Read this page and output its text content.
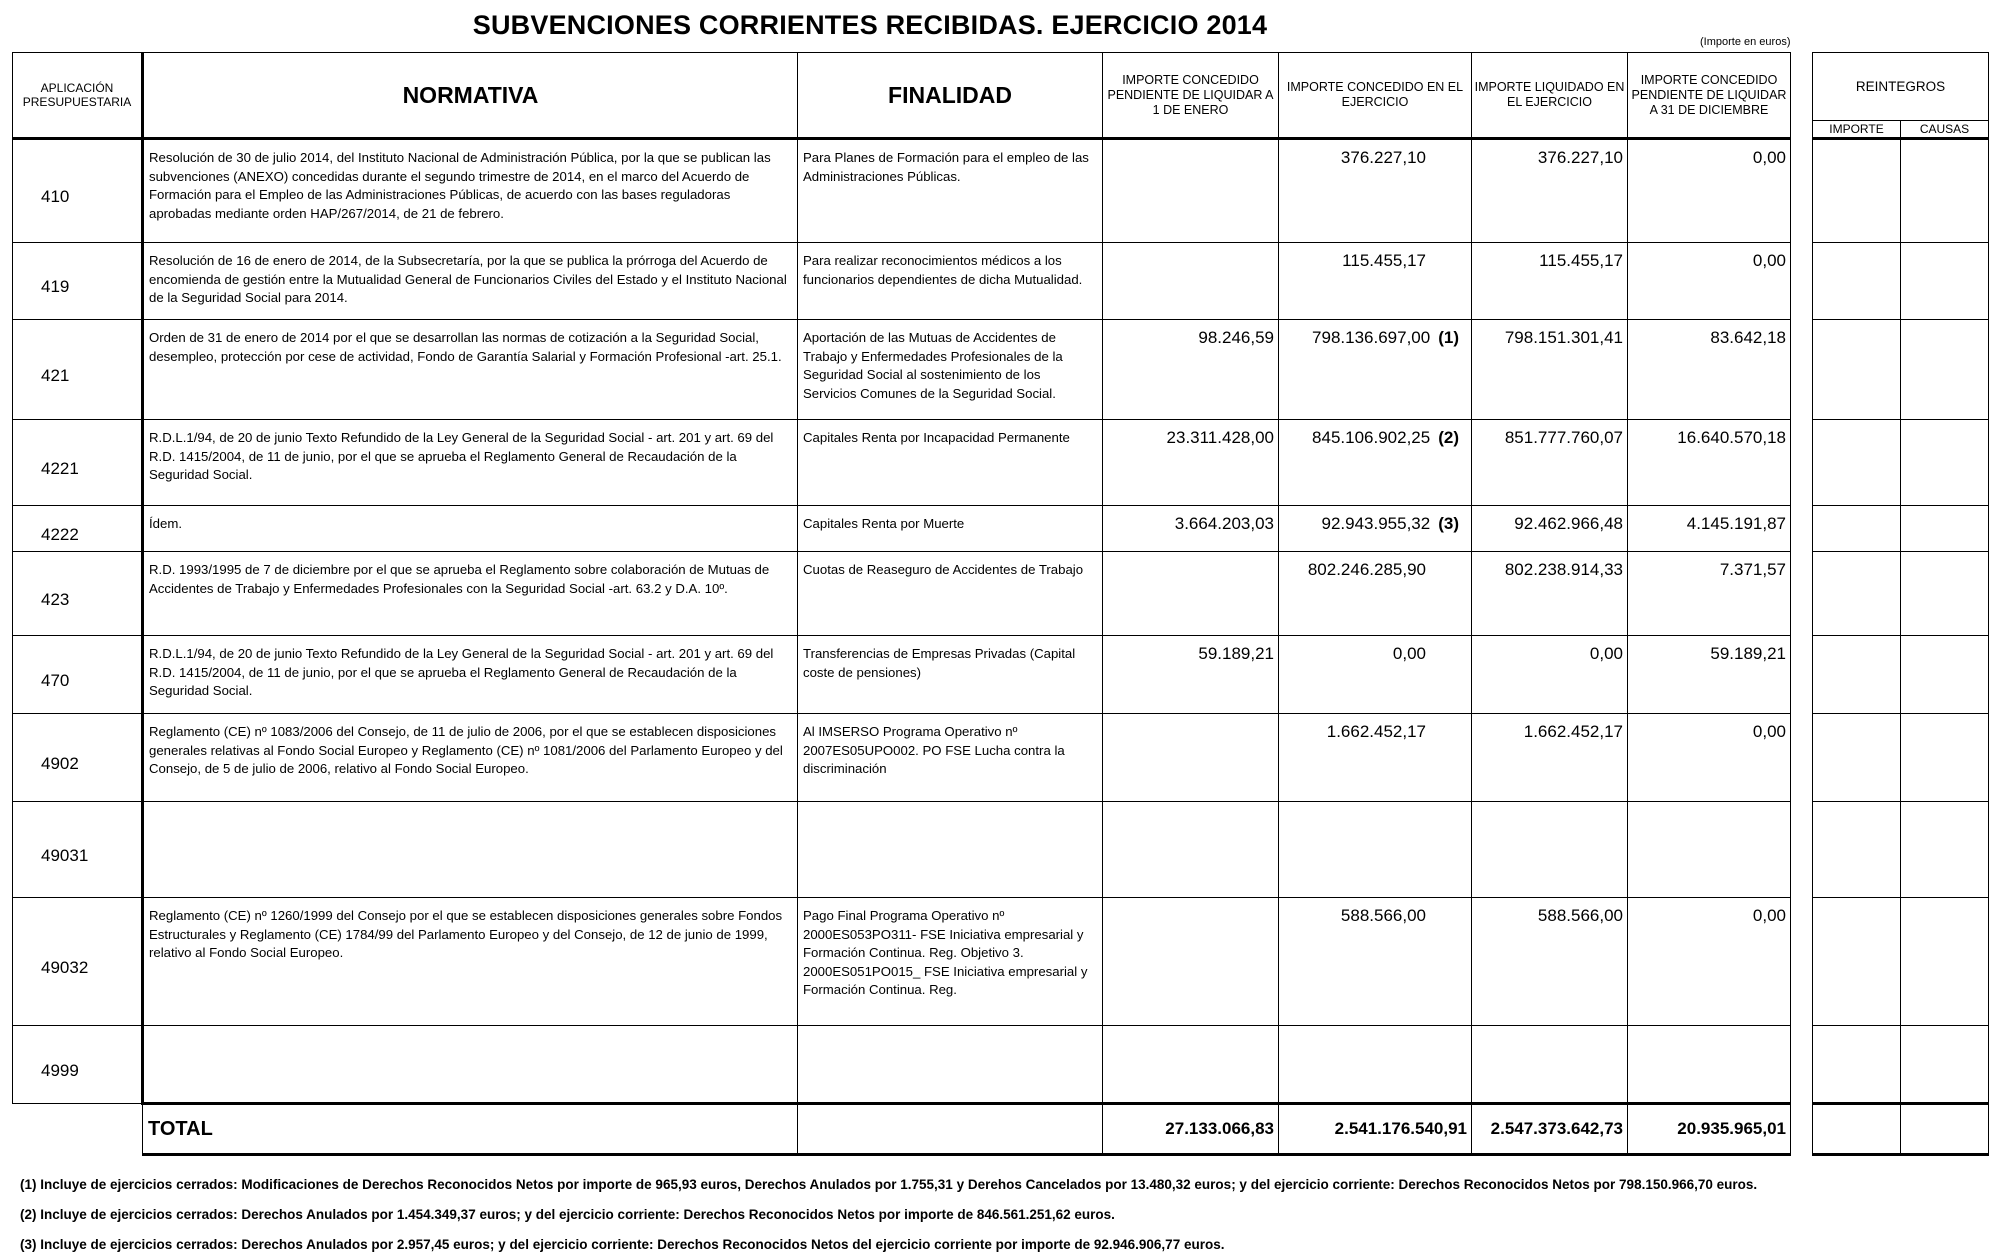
SUBVENCIONES CORRIENTES RECIBIDAS. EJERCICIO 2014
(Importe en euros)
APLICACIÓN PRESUPUESTARIA	NORMATIVA	FINALIDAD	IMPORTE CONCEDIDO PENDIENTE DE LIQUIDAR A 1 DE ENERO	IMPORTE CONCEDIDO EN EL EJERCICIO	IMPORTE LIQUIDADO EN EL EJERCICIO	IMPORTE CONCEDIDO PENDIENTE DE LIQUIDAR A 31 DE DICIEMBRE
410	Resolución de 30 de julio 2014, del Instituto Nacional de Administración Pública, por la que se publican las subvenciones (ANEXO) concedidas durante el segundo trimestre de 2014, en el marco del Acuerdo de Formación para el Empleo de las Administraciones Públicas, de acuerdo con las bases reguladoras aprobadas mediante orden HAP/267/2014, de 21 de febrero.	Para Planes de Formación para el empleo de las Administraciones Públicas.		376.227,10	376.227,10	0,00
419	Resolución de 16 de enero de 2014, de la Subsecretaría, por la que se publica la prórroga del Acuerdo de encomienda de gestión entre la Mutualidad General de Funcionarios Civiles del Estado y el Instituto Nacional de la Seguridad Social para 2014.	Para realizar reconocimientos médicos a los funcionarios dependientes de dicha Mutualidad.		115.455,17	115.455,17	0,00
421	Orden de 31 de enero de 2014 por el que se desarrollan las normas de cotización a la Seguridad Social, desempleo, protección por cese de actividad, Fondo de Garantía Salarial y Formación Profesional -art. 25.1.	Aportación de las Mutuas de Accidentes de Trabajo y Enfermedades Profesionales de la Seguridad Social al sostenimiento de los Servicios Comunes de la Seguridad Social.	98.246,59	798.136.697,00 (1)	798.151.301,41	83.642,18
4221	R.D.L.1/94, de 20 de junio Texto Refundido de la Ley General de la Seguridad Social - art. 201 y art. 69 del R.D. 1415/2004, de 11 de junio, por el que se aprueba el Reglamento General de Recaudación de la Seguridad Social.	Capitales Renta por Incapacidad Permanente	23.311.428,00	845.106.902,25 (2)	851.777.760,07	16.640.570,18
4222	Ídem.	Capitales Renta por Muerte	3.664.203,03	92.943.955,32 (3)	92.462.966,48	4.145.191,87
423	R.D. 1993/1995 de 7 de diciembre por el que se aprueba el Reglamento sobre colaboración de Mutuas de Accidentes de Trabajo y Enfermedades Profesionales con la Seguridad Social -art. 63.2 y D.A. 10º.	Cuotas de Reaseguro de Accidentes de Trabajo		802.246.285,90	802.238.914,33	7.371,57
470	R.D.L.1/94, de 20 de junio Texto Refundido de la Ley General de la Seguridad Social - art. 201 y art. 69 del R.D. 1415/2004, de 11 de junio, por el que se aprueba el Reglamento General de Recaudación de la Seguridad Social.	Transferencias de Empresas Privadas (Capital coste de pensiones)	59.189,21	0,00	0,00	59.189,21
4902	Reglamento (CE) nº 1083/2006 del Consejo, de 11 de julio de 2006, por el que se establecen disposiciones generales relativas al Fondo Social Europeo y Reglamento (CE) nº 1081/2006 del Parlamento Europeo y del Consejo, de 5 de julio de 2006, relativo al Fondo Social Europeo.	Al IMSERSO Programa Operativo nº 2007ES05UPO002. PO FSE Lucha contra la discriminación		1.662.452,17	1.662.452,17	0,00
49031						
49032	Reglamento (CE) nº 1260/1999 del Consejo por el que se establecen disposiciones generales sobre Fondos Estructurales y Reglamento (CE) 1784/99 del Parlamento Europeo y del Consejo, de 12 de junio de 1999, relativo al Fondo Social Europeo.	Pago Final Programa Operativo nº 2000ES053PO311- FSE Iniciativa empresarial y Formación Continua. Reg. Objetivo 3. 2000ES051PO015_ FSE Iniciativa empresarial y Formación Continua. Reg.		588.566,00	588.566,00	0,00
4999						
	TOTAL		27.133.066,83	2.541.176.540,91	2.547.373.642,73	20.935.965,01
REINTEGROS	
IMPORTE	CAUSAS

(1) Incluye de ejercicios cerrados: Modificaciones de Derechos Reconocidos Netos por importe de 965,93 euros, Derechos Anulados por 1.755,31 y Derehos Cancelados por 13.480,32 euros; y del ejercicio corriente: Derechos Reconocidos Netos por 798.150.966,70 euros.
(2) Incluye de ejercicios cerrados: Derechos Anulados por 1.454.349,37 euros; y del ejercicio corriente: Derechos Reconocidos Netos por importe de 846.561.251,62 euros.
(3) Incluye de ejercicios cerrados: Derechos Anulados por 2.957,45 euros; y del ejercicio corriente: Derechos Reconocidos Netos del ejercicio corriente por importe de 92.946.906,77 euros.
